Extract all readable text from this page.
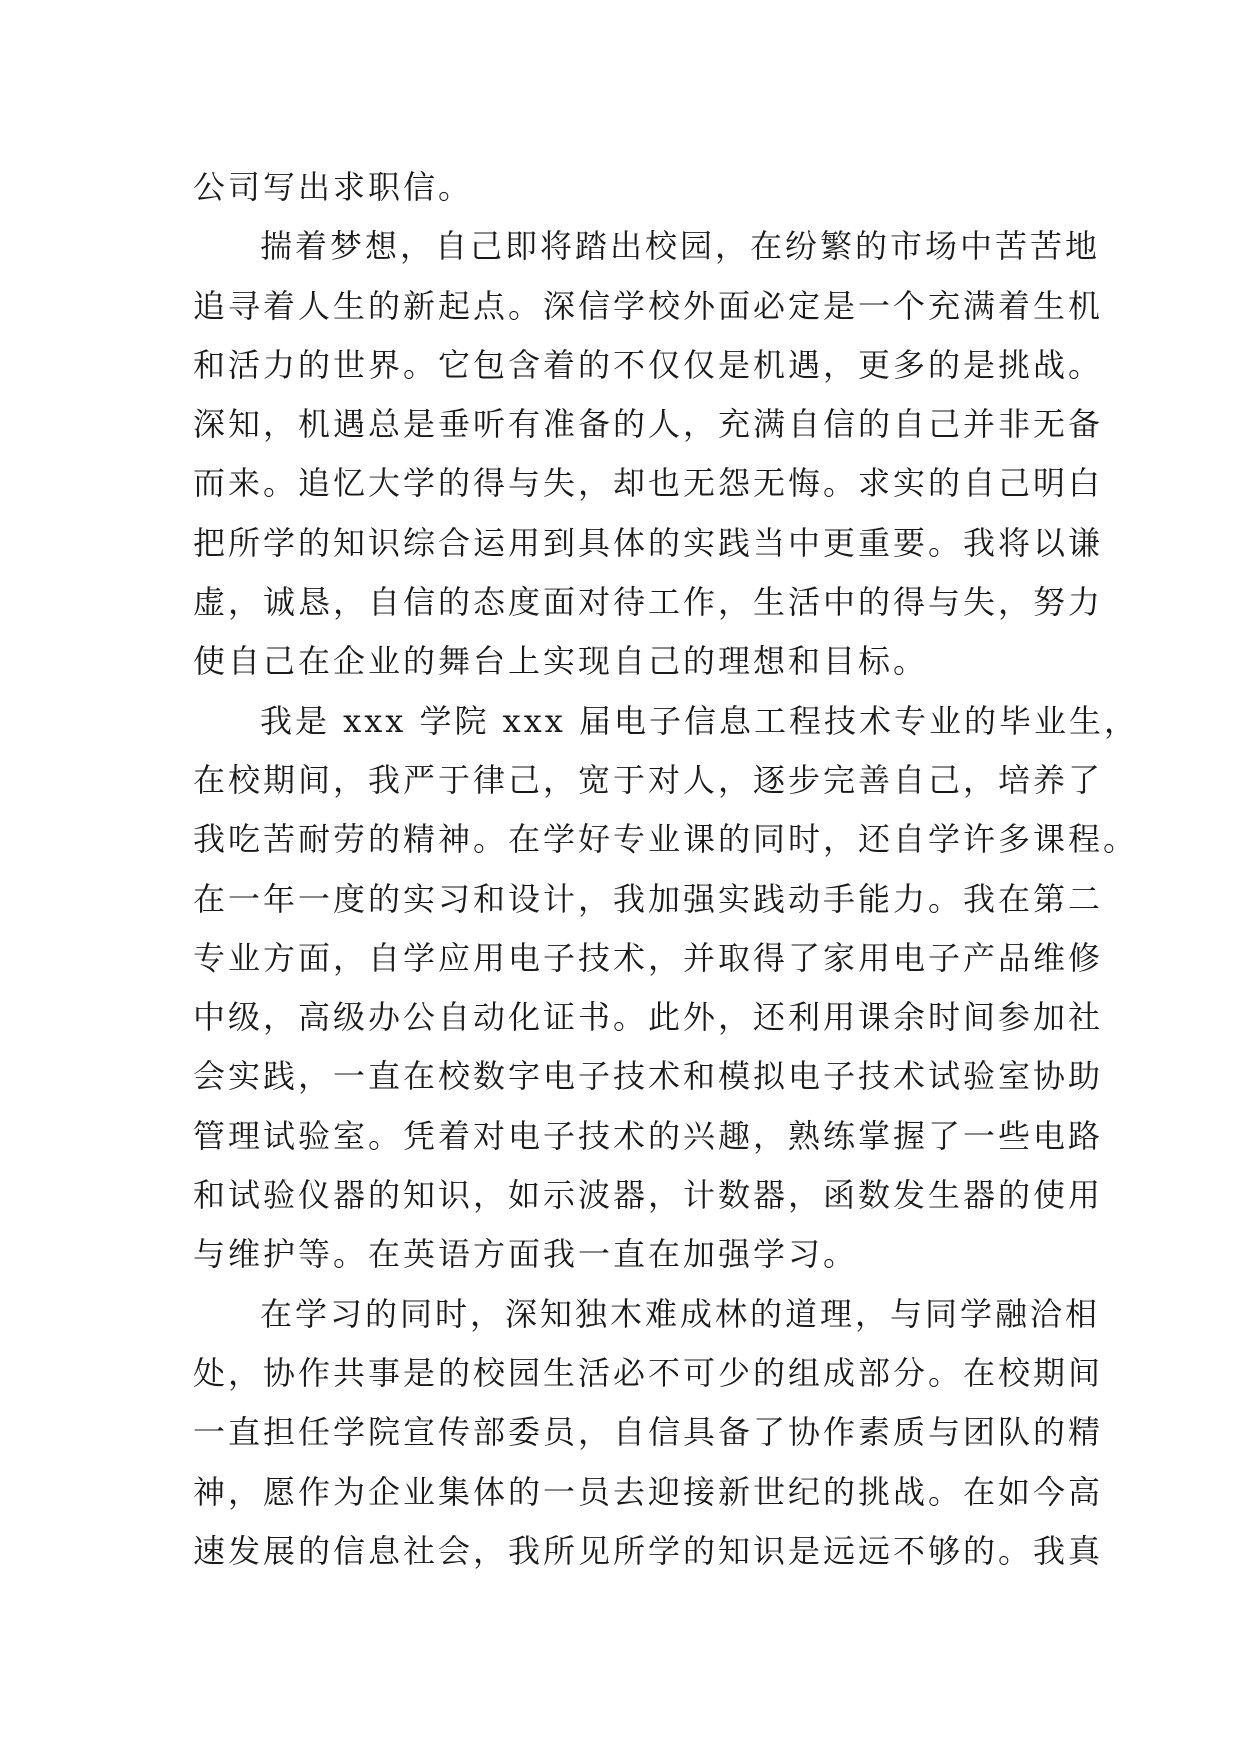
公司写出求职信。
揣着梦想，自己即将踏出校园，在纷繁的市场中苦苦地
追寻着人生的新起点。深信学校外面必定是一个充满着生机
和活力的世界。它包含着的不仅仅是机遇，更多的是挑战。
深知，机遇总是垂听有准备的人，充满自信的自己并非无备
而来。追忆大学的得与失，却也无怨无悔。求实的自己明白
把所学的知识综合运用到具体的实践当中更重要。我将以谦
虚，诚恳，自信的态度面对待工作，生活中的得与失，努力
使自己在企业的舞台上实现自己的理想和目标。
我是 xxx 学院 xxx 届电子信息工程技术专业的毕业生，
在校期间，我严于律己，宽于对人，逐步完善自己，培养了
我吃苦耐劳的精神。在学好专业课的同时，还自学许多课程。
在一年一度的实习和设计，我加强实践动手能力。我在第二
专业方面，自学应用电子技术，并取得了家用电子产品维修
中级，高级办公自动化证书。此外，还利用课余时间参加社
会实践，一直在校数字电子技术和模拟电子技术试验室协助
管理试验室。凭着对电子技术的兴趣，熟练掌握了一些电路
和试验仪器的知识，如示波器，计数器，函数发生器的使用
与维护等。在英语方面我一直在加强学习。
在学习的同时，深知独木难成林的道理，与同学融洽相
处，协作共事是的校园生活必不可少的组成部分。在校期间
一直担任学院宣传部委员，自信具备了协作素质与团队的精
神，愿作为企业集体的一员去迎接新世纪的挑战。在如今高
速发展的信息社会，我所见所学的知识是远远不够的。我真
